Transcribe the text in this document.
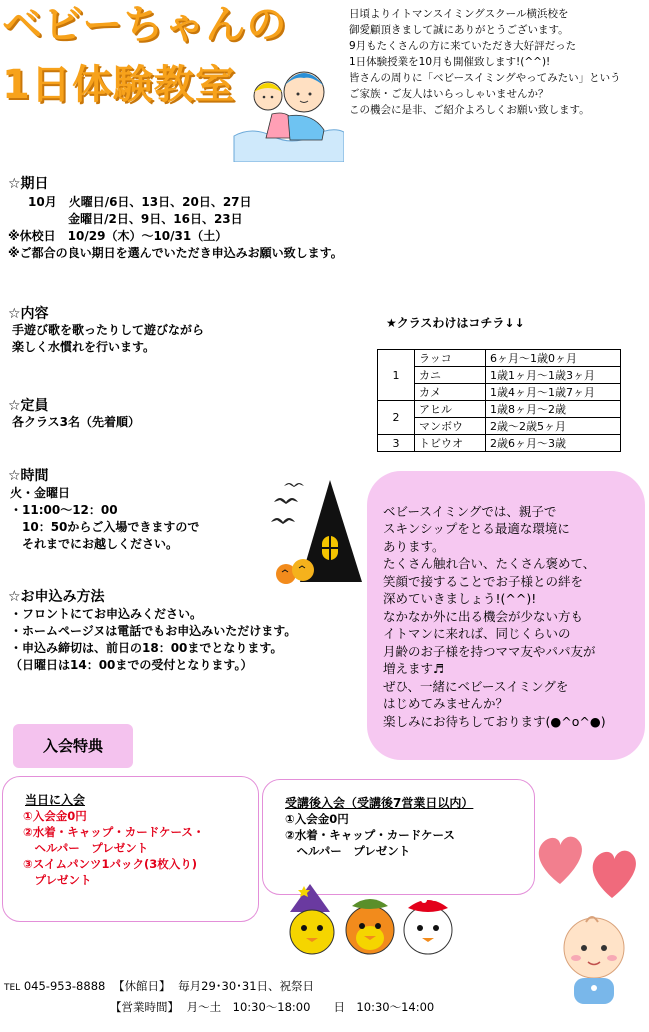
ベビーちゃんの
1日体験教室
日頃よりイトマンスイミングスクール横浜校を
御愛顧頂きまして誠にありがとうございます。
9月もたくさんの方に来ていただき大好評だった
1日体験授業を10月も開催致します!(^^)!
皆さんの周りに「ベビースイミングやってみたい」という
ご家族・ご友人はいらっしゃいませんか？
この機会に是非、ご紹介よろしくお願い致します。
☆期日
10月　火曜日/6日、13日、20日、27日
　　　 金曜日/2日、9日、16日、23日
※休校日　10/29（木）～10/31（土）
※ご都合の良い期日を選んでいただき申込みお願い致します。
☆内容
手遊び歌を歌ったりして遊びながら
楽しく水慣れを行います。
☆定員
各クラス3名（先着順）
☆時間
火・金曜日
・11:00～12：00
　10：50からご入場できますので
　それまでにお越しください。
☆お申込み方法
・フロントにてお申込みください。
・ホームページヌは電話でもお申込みいただけます。
・申込み締切は、前日の18：00までとなります。
（日曜日は14：00までの受付となります。）
★クラスわけはコチラ↓↓
1	ラッコ	6ヶ月～1歳0ヶ月
	カニ	1歳1ヶ月～1歳3ヶ月
	カメ	1歳4ヶ月～1歳7ヶ月
2	アヒル	1歳8ヶ月～2歳
	マンボウ	2歳～2歳5ヶ月
3	トビウオ	2歳6ヶ月～3歳

ベビースイミングでは、親子で
スキンシップをとる最適な環境に
あります。
たくさん触れ合い、たくさん褒めて、
笑顔で接することでお子様との絆を
深めていきましょう!(^^)!
なかなか外に出る機会が少ない方も
イトマンに来れば、同じくらいの
月齢のお子様を持つママ友やパパ友が
増えます♬
ぜひ、一緒にベビースイミングを
はじめてみませんか？
楽しみにお待ちしております(●^o^●)

入会特典
当日に入会
①入会金0円
②水着・キャップ・カードケース・
　ヘルパー　プレゼント
③スイムパンツ1パック(3枚入り)
　プレゼント
受講後入会（受講後7営業日以内）
①入会金0円
②水着・キャップ・カードケース
　ヘルパー　プレゼント
TEL 045-953-8888 【休館日】 毎月29･30･31日、祝祭日
【営業時間】 月～土　10:30～18:00　　日　10:30～14:00
